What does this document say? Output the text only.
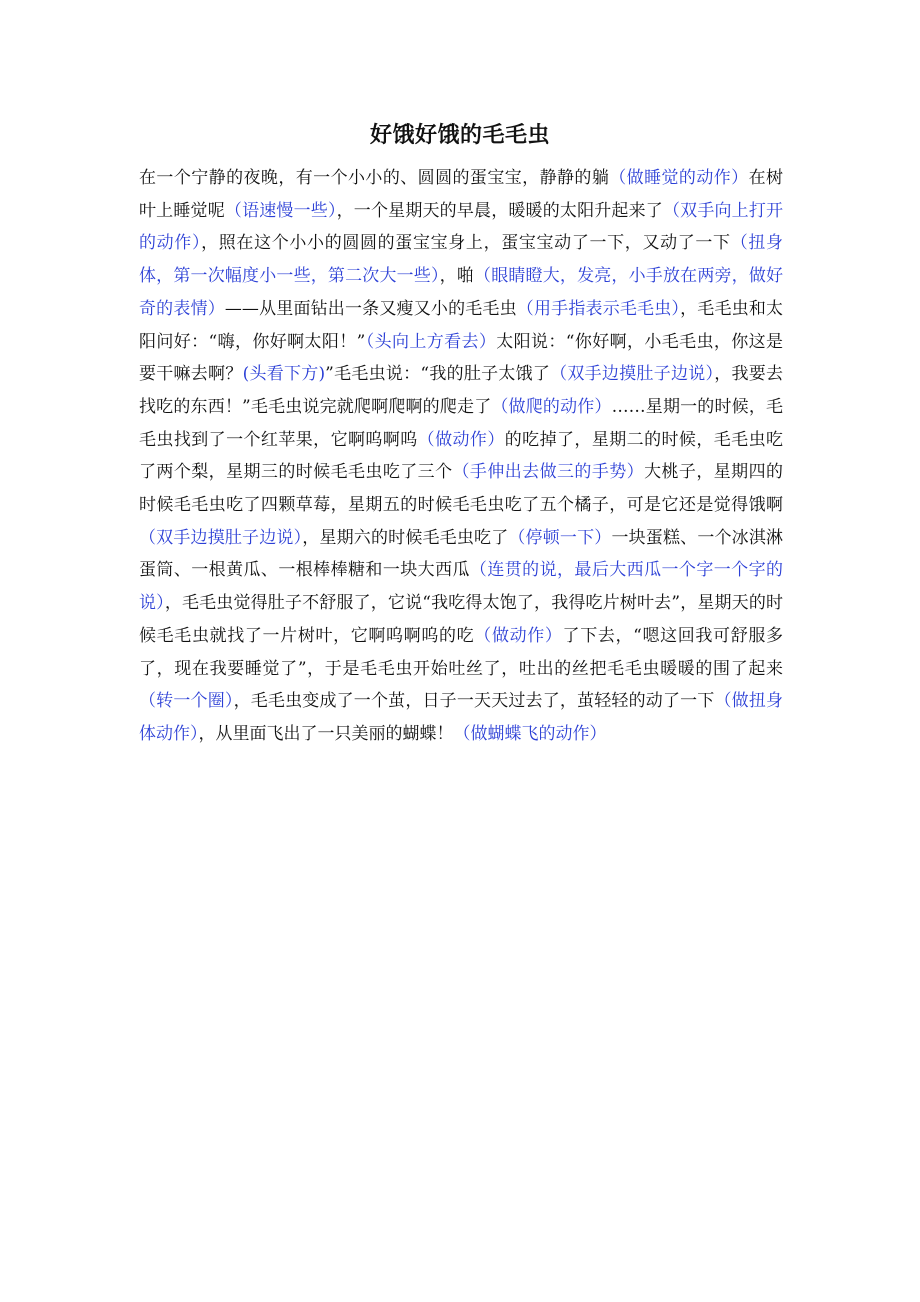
好饿好饿的毛毛虫

在一个宁静的夜晚，有一个小小的、圆圆的蛋宝宝，静静的躺（做睡觉的动作）在树叶上睡觉呢（语速慢一些），一个星期天的早晨，暖暖的太阳升起来了（双手向上打开的动作），照在这个小小的圆圆的蛋宝宝身上，蛋宝宝动了一下，又动了一下（扭身体，第一次幅度小一些，第二次大一些），啪（眼睛瞪大，发亮，小手放在两旁，做好奇的表情）——从里面钻出一条又瘦又小的毛毛虫（用手指表示毛毛虫），毛毛虫和太阳问好：“嗨，你好啊太阳！”（头向上方看去）太阳说：“你好啊，小毛毛虫，你这是要干嘛去啊？(头看下方)”毛毛虫说：“我的肚子太饿了（双手边摸肚子边说），我要去找吃的东西！”毛毛虫说完就爬啊爬啊的爬走了（做爬的动作）……星期一的时候，毛毛虫找到了一个红苹果，它啊呜啊呜（做动作）的吃掉了，星期二的时候，毛毛虫吃了两个梨，星期三的时候毛毛虫吃了三个（手伸出去做三的手势）大桃子，星期四的时候毛毛虫吃了四颗草莓，星期五的时候毛毛虫吃了五个橘子，可是它还是觉得饿啊（双手边摸肚子边说），星期六的时候毛毛虫吃了（停顿一下）一块蛋糕、一个冰淇淋蛋筒、一根黄瓜、一根棒棒糖和一块大西瓜（连贯的说，最后大西瓜一个字一个字的说），毛毛虫觉得肚子不舒服了，它说“我吃得太饱了，我得吃片树叶去”，星期天的时候毛毛虫就找了一片树叶，它啊呜啊呜的吃（做动作）了下去，“嗯这回我可舒服多了，现在我要睡觉了”，于是毛毛虫开始吐丝了，吐出的丝把毛毛虫暖暖的围了起来（转一个圈），毛毛虫变成了一个茧，日子一天天过去了，茧轻轻的动了一下（做扭身体动作），从里面飞出了一只美丽的蝴蝶！（做蝴蝶飞的动作）
